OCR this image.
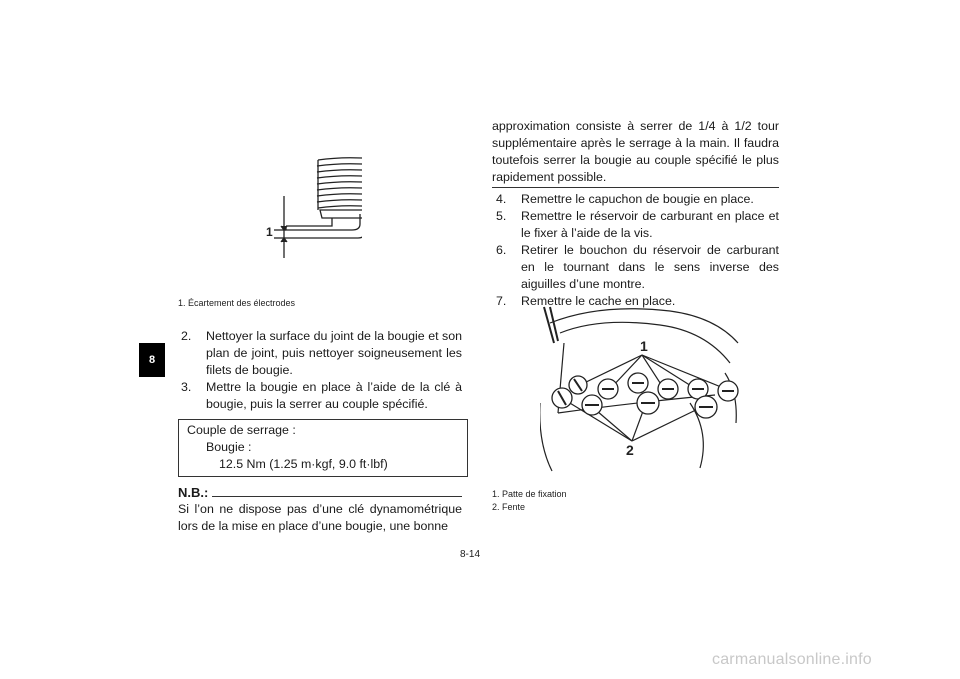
8
1
1. Écartement des électrodes
2.	Nettoyer la surface du joint de la bougie et son plan de joint, puis nettoyer soigneusement les filets de bougie.
3.	Mettre la bougie en place à l’aide de la clé à bougie, puis la serrer au couple spécifié.
Couple de serrage :
Bougie :
12.5 Nm (1.25 m·kgf, 9.0 ft·lbf)
N.B.:
Si l’on ne dispose pas d’une clé dynamométrique lors de la mise en place d’une bougie, une bonne
approximation consiste à serrer de 1/4 à 1/2 tour supplémentaire après le serrage à la main. Il faudra toutefois serrer la bougie au couple spécifié le plus rapidement possible.
4.	Remettre le capuchon de bougie en place.
5.	Remettre le réservoir de carburant en place et le fixer à l’aide de la vis.
6.	Retirer le bouchon du réservoir de carburant en le tournant dans le sens inverse des aiguilles d’une montre.
7.	Remettre le cache en place.
1
2
1. Patte de fixation
2. Fente
8-14
carmanualsonline.info
